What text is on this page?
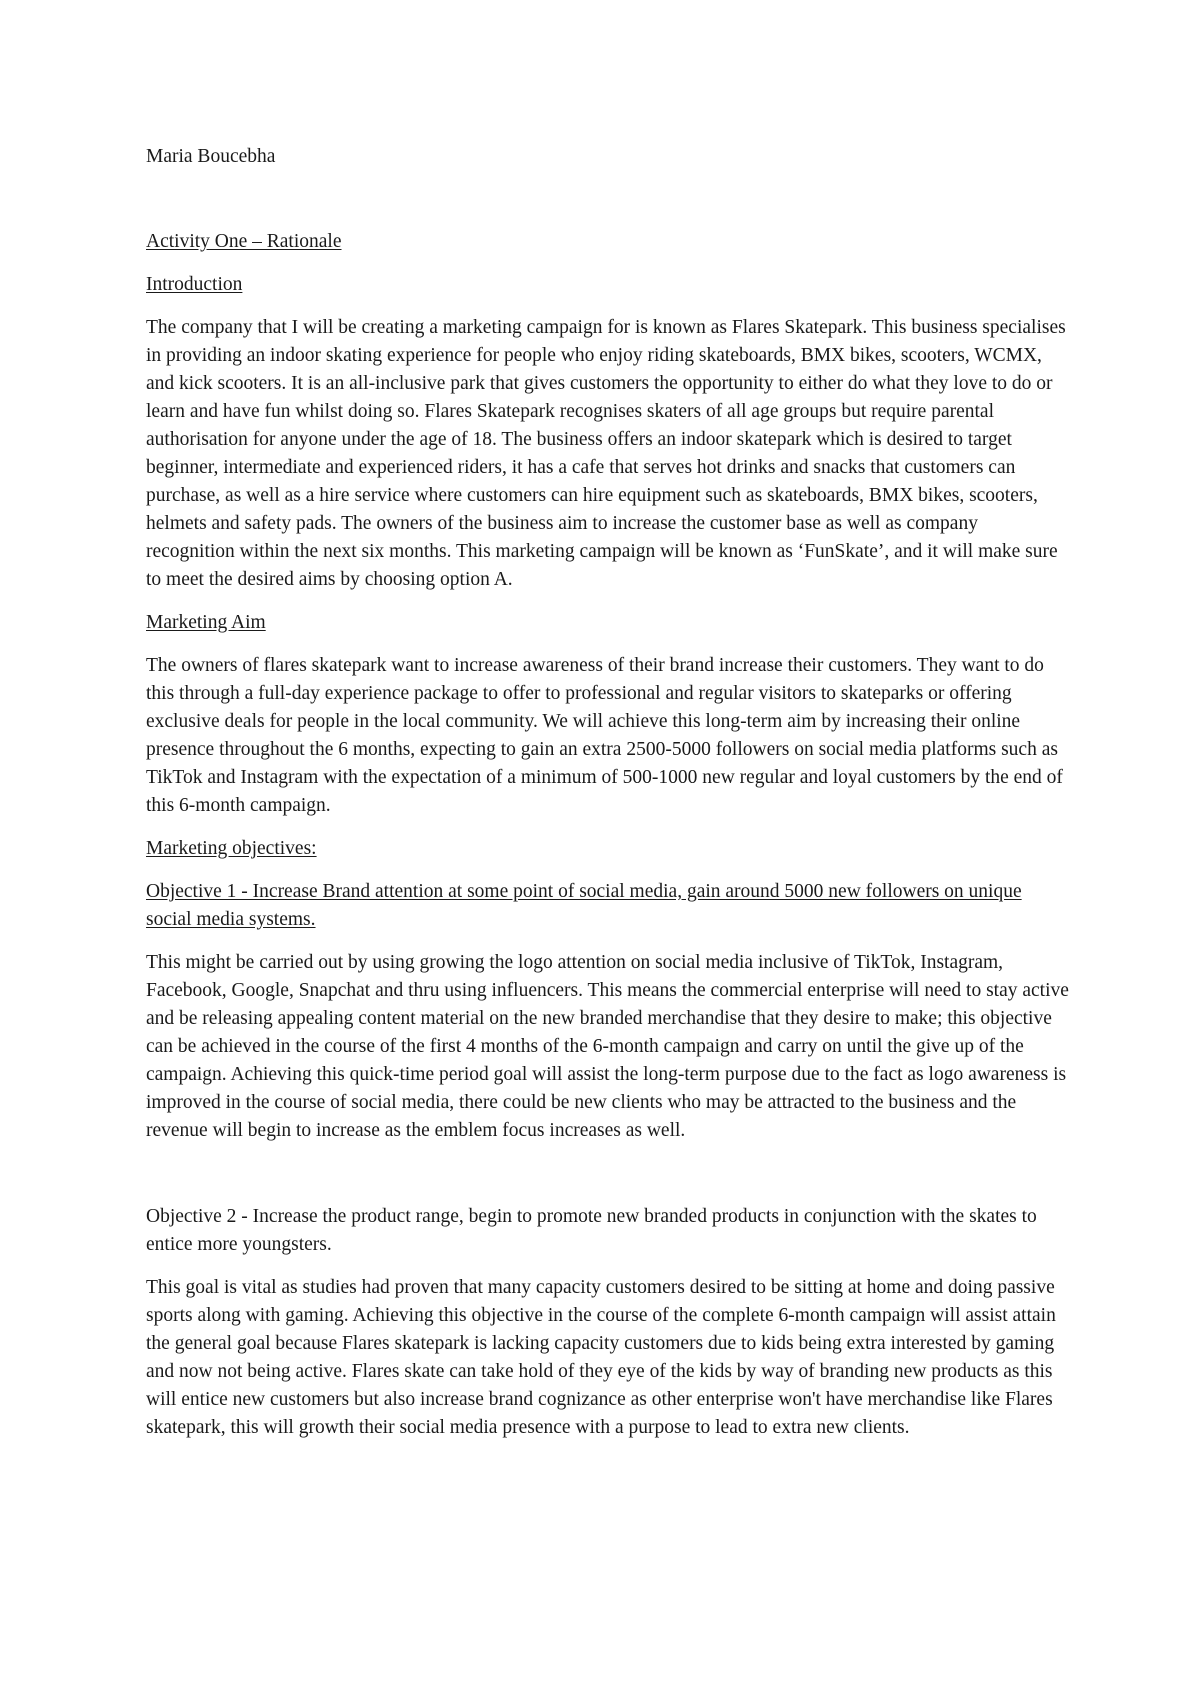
Maria Boucebha

Activity One – Rationale

Introduction

The company that I will be creating a marketing campaign for is known as Flares Skatepark. This business specialises in providing an indoor skating experience for people who enjoy riding skateboards, BMX bikes, scooters, WCMX, and kick scooters. It is an all-inclusive park that gives customers the opportunity to either do what they love to do or learn and have fun whilst doing so. Flares Skatepark recognises skaters of all age groups but require parental authorisation for anyone under the age of 18. The business offers an indoor skatepark which is desired to target beginner, intermediate and experienced riders, it has a cafe that serves hot drinks and snacks that customers can purchase, as well as a hire service where customers can hire equipment such as skateboards, BMX bikes, scooters, helmets and safety pads. The owners of the business aim to increase the customer base as well as company recognition within the next six months. This marketing campaign will be known as ‘FunSkate’, and it will make sure to meet the desired aims by choosing option A.

Marketing Aim

The owners of flares skatepark want to increase awareness of their brand increase their customers. They want to do this through a full-day experience package to offer to professional and regular visitors to skateparks or offering exclusive deals for people in the local community. We will achieve this long-term aim by increasing their online presence throughout the 6 months, expecting to gain an extra 2500-5000 followers on social media platforms such as TikTok and Instagram with the expectation of a minimum of 500-1000 new regular and loyal customers by the end of this 6-month campaign.

Marketing objectives:

Objective 1 - Increase Brand attention at some point of social media, gain around 5000 new followers on unique social media systems.

This might be carried out by using growing the logo attention on social media inclusive of TikTok, Instagram, Facebook, Google, Snapchat and thru using influencers. This means the commercial enterprise will need to stay active and be releasing appealing content material on the new branded merchandise that they desire to make; this objective can be achieved in the course of the first 4 months of the 6-month campaign and carry on until the give up of the campaign. Achieving this quick-time period goal will assist the long-term purpose due to the fact as logo awareness is improved in the course of social media, there could be new clients who may be attracted to the business and the revenue will begin to increase as the emblem focus increases as well.

Objective 2 - Increase the product range, begin to promote new branded products in conjunction with the skates to entice more youngsters.

This goal is vital as studies had proven that many capacity customers desired to be sitting at home and doing passive sports along with gaming. Achieving this objective in the course of the complete 6-month campaign will assist attain the general goal because Flares skatepark is lacking capacity customers due to kids being extra interested by gaming and now not being active. Flares skate can take hold of they eye of the kids by way of branding new products as this will entice new customers but also increase brand cognizance as other enterprise won't have merchandise like Flares skatepark, this will growth their social media presence with a purpose to lead to extra new clients.
